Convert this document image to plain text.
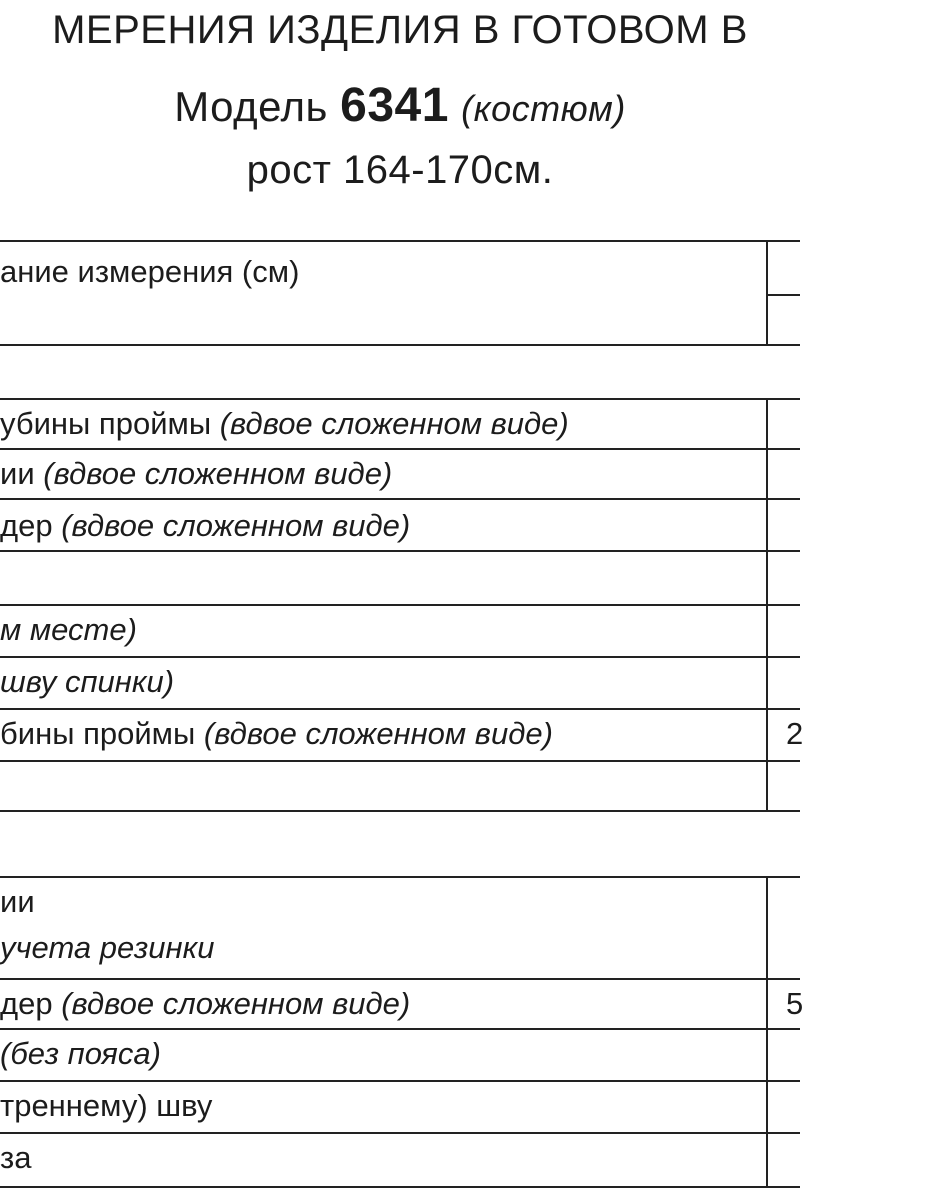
МЕРЕНИЯ ИЗДЕЛИЯ В ГОТОВОМ В
Модель 6341 (костюм)
рост 164-170см.
ание измерения (см)
убины проймы (вдвое сложенном виде)
ии (вдвое сложенном виде)
дер (вдвое сложенном виде)
м месте)
шву спинки)
бины проймы (вдвое сложенном виде)	2
ии
учета резинки
дер (вдвое сложенном виде)	5
(без пояса)
треннему) шву
за
